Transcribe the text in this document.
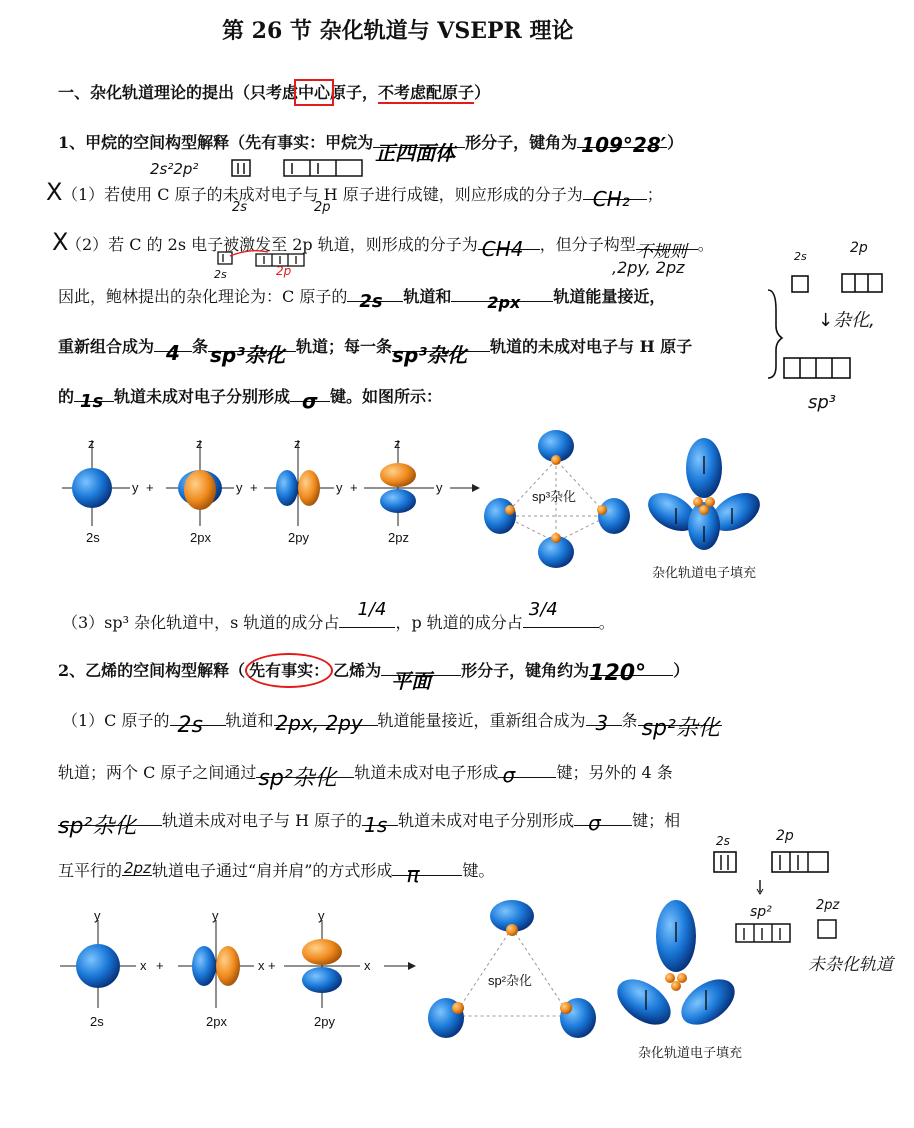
第 26 节 杂化轨道与 VSEPR 理论
一、杂化轨道理论的提出（只考虑中心原子，不考虑配原子）
1、甲烷的空间构型解释（先有事实：甲烷为 正四面体 形分子，键角为 109°28′ ）
2s²2p²
X （1）若使用 C 原子的未成对电子与 H 原子进行成键，则应形成的分子为 CH₂ ；
2s	2p
X
（2）若 C 的 2s 电子被激发至 2p 轨道，则形成的分子为 CH4 ，但分子构型 不规则 。
2s	2p
因此，鲍林提出的杂化理论为：C 原子的 2s 轨道和 2px 轨道能量接近，
,2py, 2pz
重新组合成为 4 条 sp³杂化 轨道；每一条 sp³杂化 轨道的未成对电子与 H 原子
的 1s 轨道未成对电子分别形成 σ 键。如图所示：
2s
2p
↓杂化,
sp³
z	z	z	z
y +	y +	y +	y
2s	2px	2py	2pz
sp³杂化
杂化轨道电子填充
（3）sp³ 杂化轨道中，s 轨道的成分占
1/4
，p 轨道的成分占
3/4
。
2、乙烯的空间构型解释（ 先有事实： 乙烯为 平面 形分子，键角约为 120° ）
（1）C 原子的 2s 轨道和 2px, 2py 轨道能量接近，重新组合成为 3 条 sp²杂化
轨道；两个 C 原子之间通过 sp²杂化 轨道未成对电子形成 σ	键；另外的 4 条
sp²杂化 轨道未成对电子与 H 原子的 1s 轨道未成对电子分别形成 σ 键；相
互平行的 2pz 轨道电子通过“肩并肩”的方式形成 π	键。
2s	2p
sp²	2pz
未杂化轨道
y	y	y
x +	x +	x
2s	2px	2py
sp²杂化
杂化轨道电子填充
